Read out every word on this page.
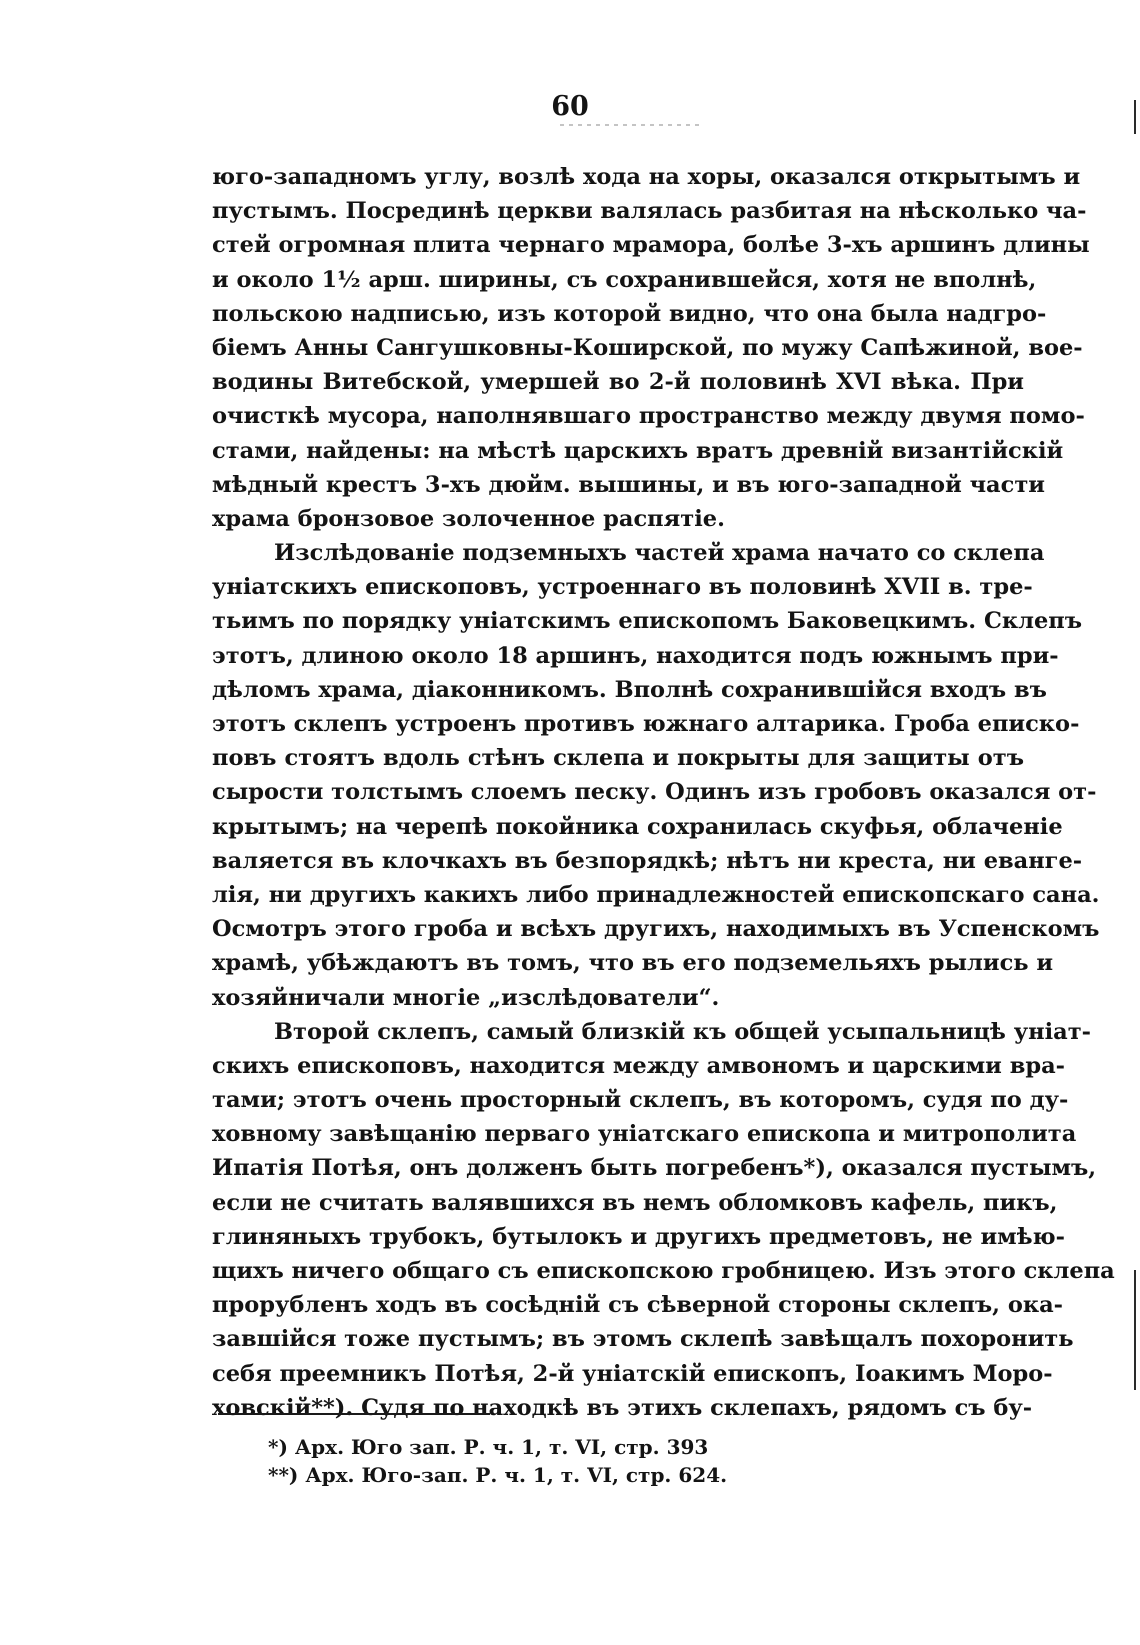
60
юго-западномъ углу, возлѣ хода на хоры, оказался открытымъ и
пустымъ. Посрединѣ церкви валялась разбитая на нѣсколько ча-
стей огромная плита чернаго мрамора, болѣе 3-хъ аршинъ длины
и около 1½ арш. ширины, съ сохранившейся, хотя не вполнѣ,
польскою надписью, изъ которой видно, что она была надгро-
біемъ Анны Сангушковны-Коширской, по мужу Сапѣжиной, вое-
водины Витебской, умершей во 2-й половинѣ XVI вѣка. При
очисткѣ мусора, наполнявшаго пространство между двумя помо-
стами, найдены: на мѣстѣ царскихъ вратъ древній византійскій
мѣдный крестъ 3-хъ дюйм. вышины, и въ юго-западной части
храма бронзовое золоченное распятіе.
Изслѣдованіе подземныхъ частей храма начато со склепа
уніатскихъ епископовъ, устроеннаго въ половинѣ XVII в. тре-
тьимъ по порядку уніатскимъ епископомъ Баковецкимъ. Склепъ
этотъ, длиною около 18 аршинъ, находится подъ южнымъ при-
дѣломъ храма, діаконникомъ. Вполнѣ сохранившійся входъ въ
этотъ склепъ устроенъ противъ южнаго алтарика. Гроба еписко-
повъ стоятъ вдоль стѣнъ склепа и покрыты для защиты отъ
сырости толстымъ слоемъ песку. Одинъ изъ гробовъ оказался от-
крытымъ; на черепѣ покойника сохранилась скуфья, облаченіе
валяется въ клочкахъ въ безпорядкѣ; нѣтъ ни креста, ни еванге-
лія, ни другихъ какихъ либо принадлежностей епископскаго сана.
Осмотръ этого гроба и всѣхъ другихъ, находимыхъ въ Успенскомъ
храмѣ, убѣждаютъ въ томъ, что въ его подземельяхъ рылись и
хозяйничали многіе „изслѣдователи“.
Второй склепъ, самый близкій къ общей усыпальницѣ уніат-
скихъ епископовъ, находится между амвономъ и царскими вра-
тами; этотъ очень просторный склепъ, въ которомъ, судя по ду-
ховному завѣщанію перваго уніатскаго епископа и митрополита
Ипатія Потѣя, онъ долженъ быть погребенъ*), оказался пустымъ,
если не считать валявшихся въ немъ обломковъ кафель, пикъ,
глиняныхъ трубокъ, бутылокъ и другихъ предметовъ, не имѣю-
щихъ ничего общаго съ епископскою гробницею. Изъ этого склепа
прорубленъ ходъ въ сосѣдній съ сѣверной стороны склепъ, ока-
завшійся тоже пустымъ; въ этомъ склепѣ завѣщалъ похоронить
себя преемникъ Потѣя, 2-й уніатскій епископъ, Іоакимъ Моро-
ховскій**). Судя по находкѣ въ этихъ склепахъ, рядомъ съ бу-
*) Арх. Юго зап. Р. ч. 1, т. VI, стр. 393
**) Арх. Юго-зап. Р. ч. 1, т. VI, стр. 624.
